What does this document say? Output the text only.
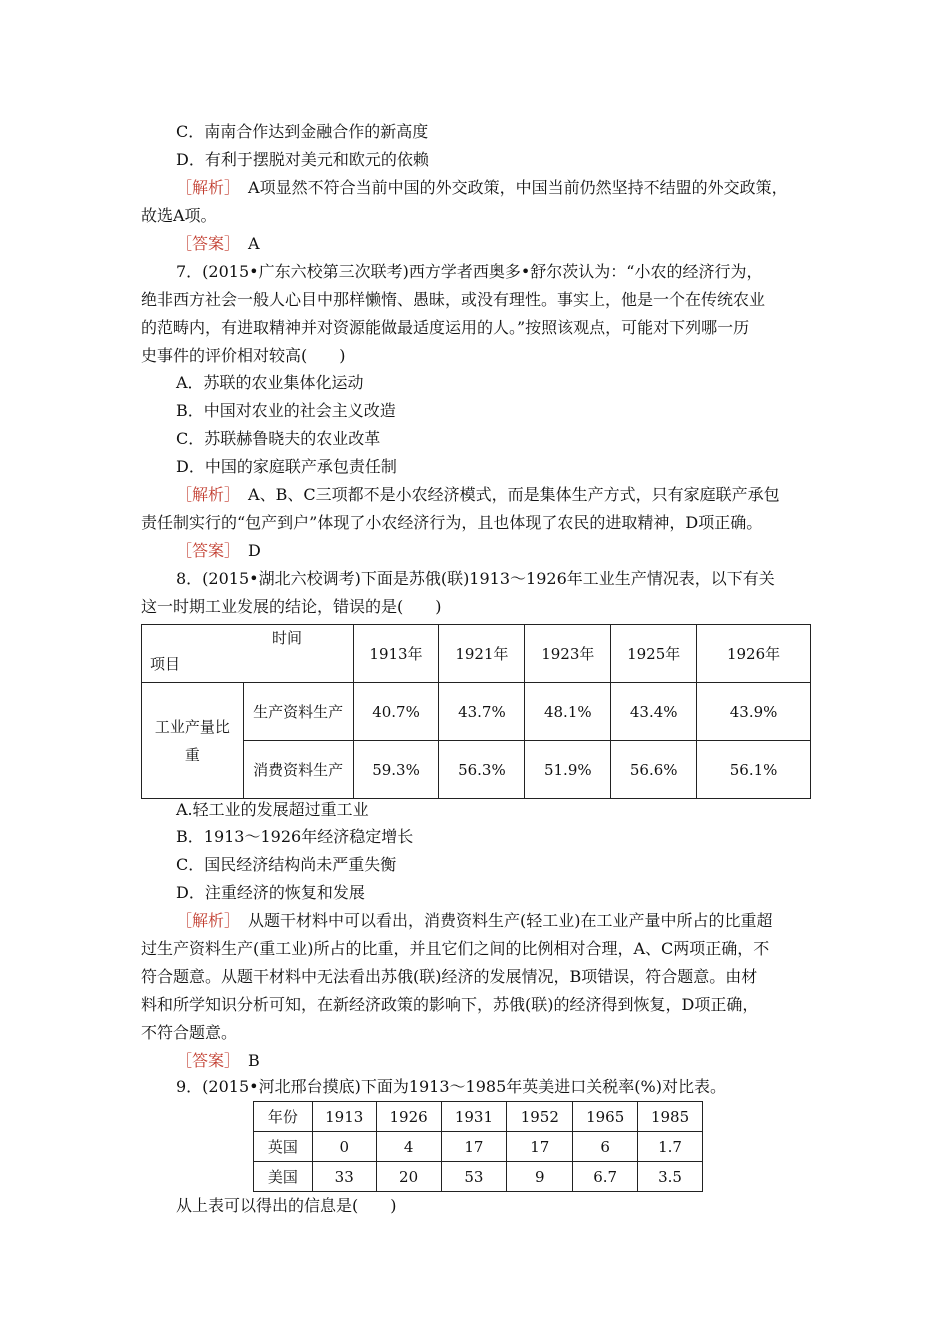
C．南南合作达到金融合作的新高度
D．有利于摆脱对美元和欧元的依赖
［解析］　A项显然不符合当前中国的外交政策，中国当前仍然坚持不结盟的外交政策，
故选A项。
［答案］　A
7．(2015•广东六校第三次联考)西方学者西奥多•舒尔茨认为：“小农的经济行为，
绝非西方社会一般人心目中那样懒惰、愚昧，或没有理性。事实上，他是一个在传统农业
的范畴内，有进取精神并对资源能做最适度运用的人。”按照该观点，可能对下列哪一历
史事件的评价相对较高(　　)
A．苏联的农业集体化运动
B．中国对农业的社会主义改造
C．苏联赫鲁晓夫的农业改革
D．中国的家庭联产承包责任制
［解析］　A、B、C三项都不是小农经济模式，而是集体生产方式，只有家庭联产承包
责任制实行的“包产到户”体现了小农经济行为，且也体现了农民的进取精神，D项正确。
［答案］　D
8．(2015•湖北六校调考)下面是苏俄(联)1913～1926年工业生产情况表，以下有关
这一时期工业发展的结论，错误的是(　　)
时间
项目		1913年	1921年	1923年	1925年	1926年
工业产量比重	生产资料生产	40.7%	43.7%	48.1%	43.4%	43.9%
	消费资料生产	59.3%	56.3%	51.9%	56.6%	56.1%
A.轻工业的发展超过重工业
B．1913～1926年经济稳定增长
C．国民经济结构尚未严重失衡
D．注重经济的恢复和发展
［解析］　从题干材料中可以看出，消费资料生产(轻工业)在工业产量中所占的比重超
过生产资料生产(重工业)所占的比重，并且它们之间的比例相对合理，A、C两项正确，不
符合题意。从题干材料中无法看出苏俄(联)经济的发展情况，B项错误，符合题意。由材
料和所学知识分析可知，在新经济政策的影响下，苏俄(联)的经济得到恢复，D项正确，
不符合题意。
［答案］　B
9．(2015•河北邢台摸底)下面为1913～1985年英美进口关税率(%)对比表。
年份	1913	1926	1931	1952	1965	1985
英国	0	4	17	17	6	1.7
美国	33	20	53	9	6.7	3.5
从上表可以得出的信息是(　　)
